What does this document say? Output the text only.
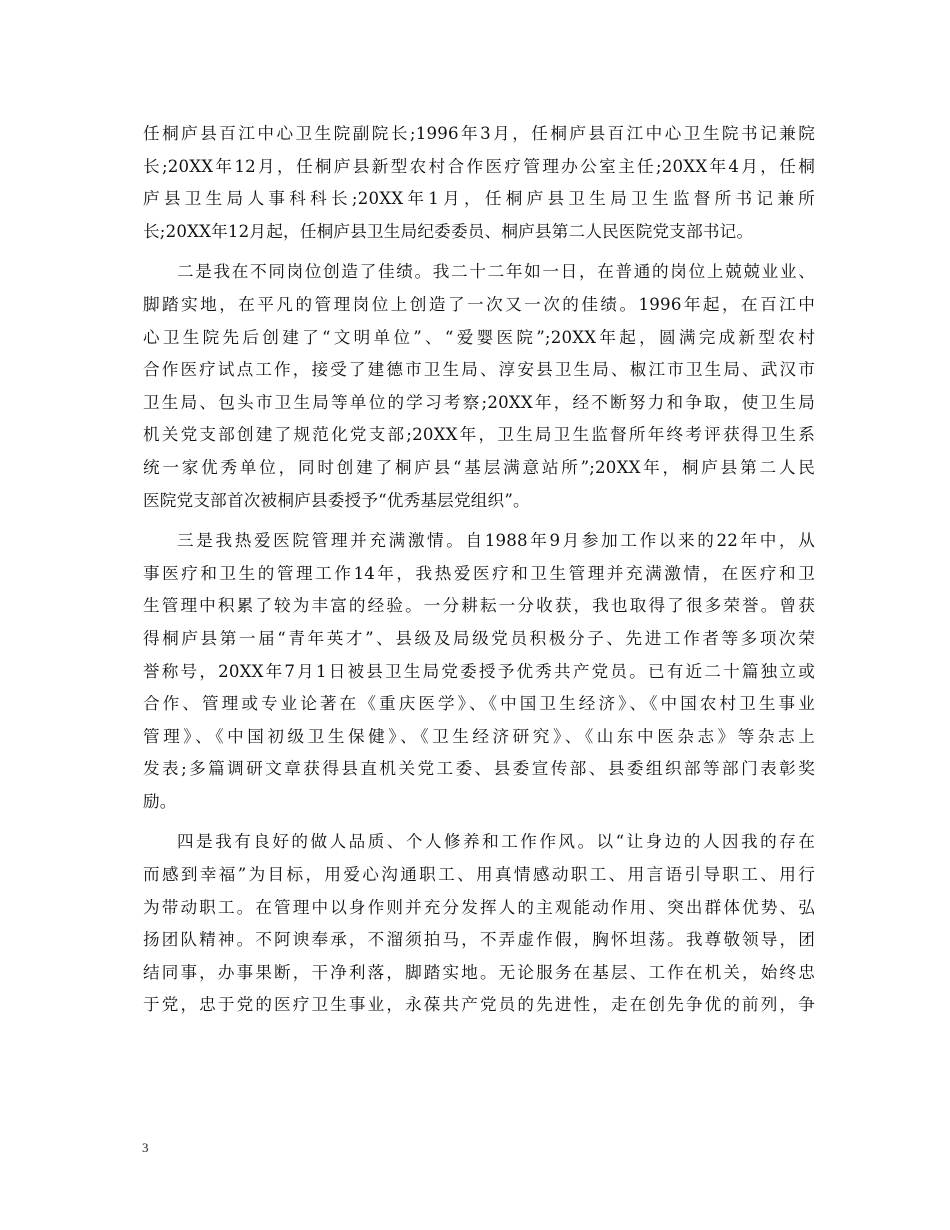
任桐庐县百江中心卫生院副院长;1996年3月，任桐庐县百江中心卫生院书记兼院
长;20XX年12月，任桐庐县新型农村合作医疗管理办公室主任;20XX年4月，任桐
庐县卫生局人事科科长;20XX年1月，任桐庐县卫生局卫生监督所书记兼所
长;20XX年12月起，任桐庐县卫生局纪委委员、桐庐县第二人民医院党支部书记。
二是我在不同岗位创造了佳绩。我二十二年如一日，在普通的岗位上兢兢业业、
脚踏实地，在平凡的管理岗位上创造了一次又一次的佳绩。1996年起，在百江中
心卫生院先后创建了“文明单位”、“爱婴医院”;20XX年起，圆满完成新型农村
合作医疗试点工作，接受了建德市卫生局、淳安县卫生局、椒江市卫生局、武汉市
卫生局、包头市卫生局等单位的学习考察;20XX年，经不断努力和争取，使卫生局
机关党支部创建了规范化党支部;20XX年，卫生局卫生监督所年终考评获得卫生系
统一家优秀单位，同时创建了桐庐县“基层满意站所”;20XX年，桐庐县第二人民
医院党支部首次被桐庐县委授予“优秀基层党组织”。
三是我热爱医院管理并充满激情。自1988年9月参加工作以来的22年中，从
事医疗和卫生的管理工作14年，我热爱医疗和卫生管理并充满激情，在医疗和卫
生管理中积累了较为丰富的经验。一分耕耘一分收获，我也取得了很多荣誉。曾获
得桐庐县第一届“青年英才”、县级及局级党员积极分子、先进工作者等多项次荣
誉称号，20XX年7月1日被县卫生局党委授予优秀共产党员。已有近二十篇独立或
合作、管理或专业论著在《重庆医学》、《中国卫生经济》、《中国农村卫生事业
管理》、《中国初级卫生保健》、《卫生经济研究》、《山东中医杂志》等杂志上
发表;多篇调研文章获得县直机关党工委、县委宣传部、县委组织部等部门表彰奖
励。
四是我有良好的做人品质、个人修养和工作作风。以“让身边的人因我的存在
而感到幸福”为目标，用爱心沟通职工、用真情感动职工、用言语引导职工、用行
为带动职工。在管理中以身作则并充分发挥人的主观能动作用、突出群体优势、弘
扬团队精神。不阿谀奉承，不溜须拍马，不弄虚作假，胸怀坦荡。我尊敬领导，团
结同事，办事果断，干净利落，脚踏实地。无论服务在基层、工作在机关，始终忠
于党，忠于党的医疗卫生事业，永葆共产党员的先进性，走在创先争优的前列，争
3
